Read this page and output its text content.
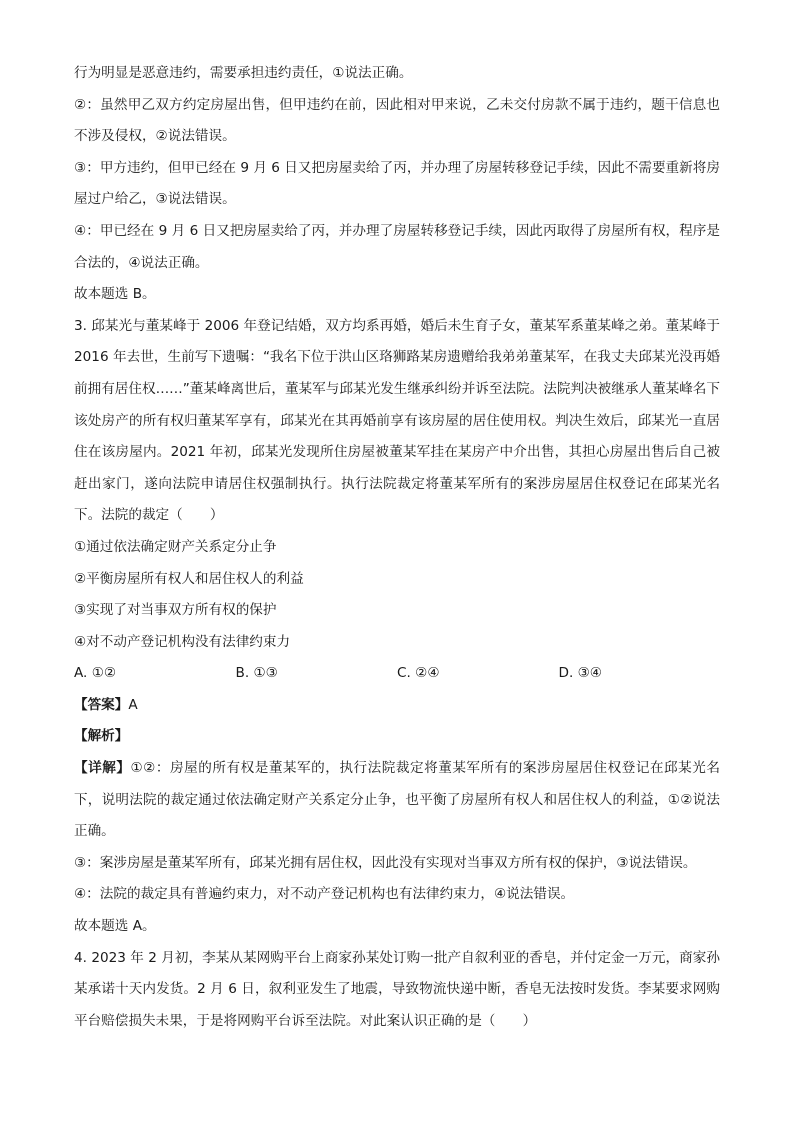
行为明显是恶意违约，需要承担违约责任，①说法正确。

②：虽然甲乙双方约定房屋出售，但甲违约在前，因此相对甲来说，乙未交付房款不属于违约，题干信息也不涉及侵权，②说法错误。

③：甲方违约，但甲已经在 9 月 6 日又把房屋卖给了丙，并办理了房屋转移登记手续，因此不需要重新将房屋过户给乙，③说法错误。

④：甲已经在 9 月 6 日又把房屋卖给了丙，并办理了房屋转移登记手续，因此丙取得了房屋所有权，程序是合法的，④说法正确。

故本题选 B。

3. 邱某光与董某峰于 2006 年登记结婚，双方均系再婚，婚后未生育子女，董某军系董某峰之弟。董某峰于 2016 年去世，生前写下遗嘱：“我名下位于洪山区珞狮路某房遗赠给我弟弟董某军，在我丈夫邱某光没再婚前拥有居住权……”董某峰离世后，董某军与邱某光发生继承纠纷并诉至法院。法院判决被继承人董某峰名下该处房产的所有权归董某军享有，邱某光在其再婚前享有该房屋的居住使用权。判决生效后，邱某光一直居住在该房屋内。2021 年初，邱某光发现所住房屋被董某军挂在某房产中介出售，其担心房屋出售后自己被赶出家门，遂向法院申请居住权强制执行。执行法院裁定将董某军所有的案涉房屋居住权登记在邱某光名下。法院的裁定（　　）

①通过依法确定财产关系定分止争

②平衡房屋所有权人和居住权人的利益

③实现了对当事双方所有权的保护

④对不动产登记机构没有法律约束力

A. ①②	B. ①③	C. ②④	D. ③④

【答案】A

【解析】

【详解】①②：房屋的所有权是董某军的，执行法院裁定将董某军所有的案涉房屋居住权登记在邱某光名下，说明法院的裁定通过依法确定财产关系定分止争，也平衡了房屋所有权人和居住权人的利益，①②说法正确。

③：案涉房屋是董某军所有，邱某光拥有居住权，因此没有实现对当事双方所有权的保护，③说法错误。

④：法院的裁定具有普遍约束力，对不动产登记机构也有法律约束力，④说法错误。

故本题选 A。

4. 2023 年 2 月初，李某从某网购平台上商家孙某处订购一批产自叙利亚的香皂，并付定金一万元，商家孙某承诺十天内发货。2 月 6 日，叙利亚发生了地震，导致物流快递中断，香皂无法按时发货。李某要求网购平台赔偿损失未果，于是将网购平台诉至法院。对此案认识正确的是（　　）
